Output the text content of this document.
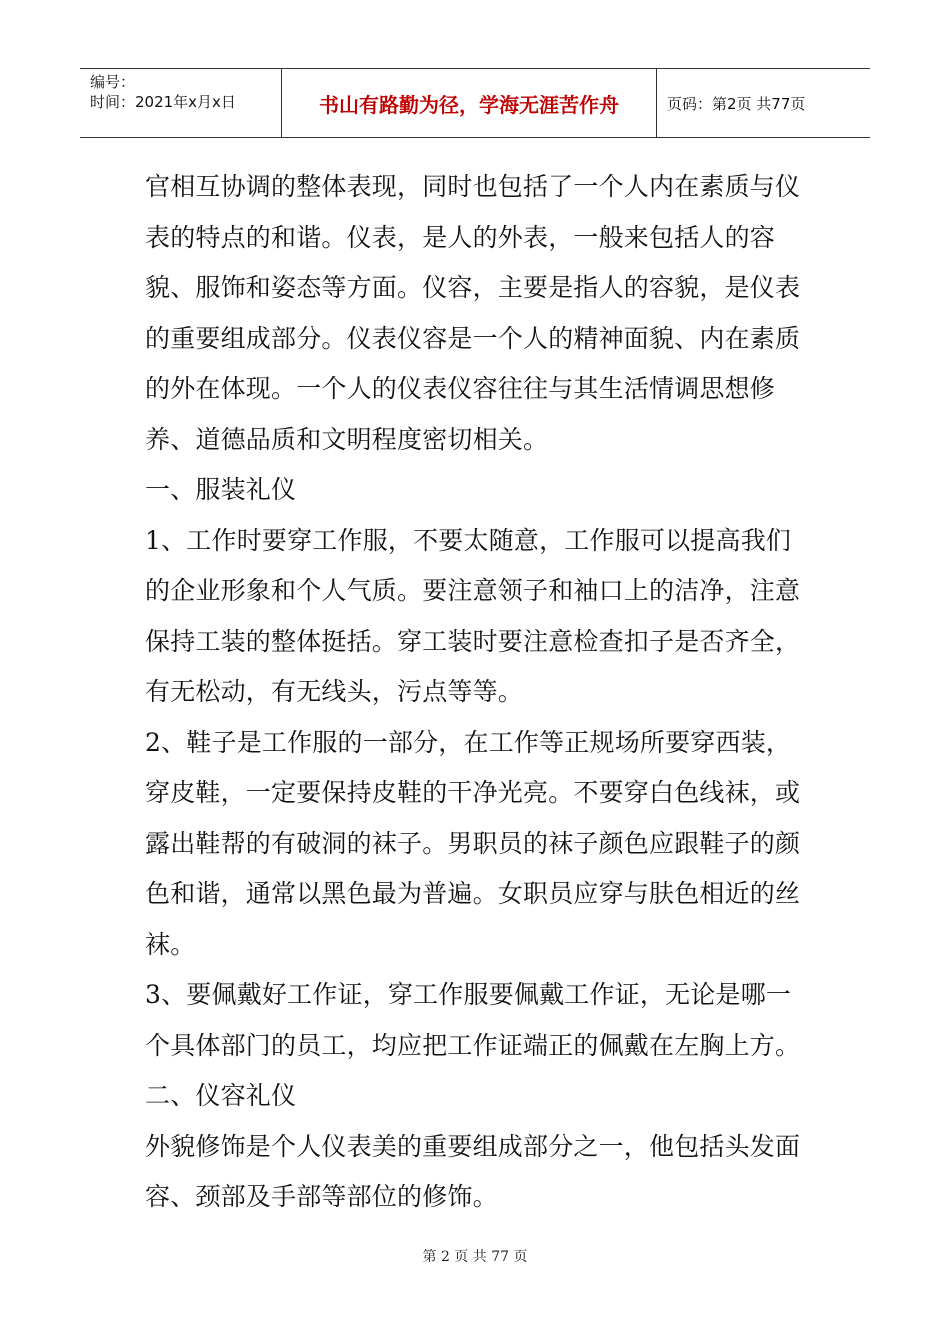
编号：
时间：2021年x月x日	书山有路勤为径，学海无涯苦作舟	页码：第2页 共77页

官相互协调的整体表现，同时也包括了一个人内在素质与仪表的特点的和谐。仪表，是人的外表，一般来包括人的容貌、服饰和姿态等方面。仪容，主要是指人的容貌，是仪表的重要组成部分。仪表仪容是一个人的精神面貌、内在素质的外在体现。一个人的仪表仪容往往与其生活情调思想修养、道德品质和文明程度密切相关。

一、服装礼仪

1、工作时要穿工作服，不要太随意，工作服可以提高我们的企业形象和个人气质。要注意领子和袖口上的洁净，注意保持工装的整体挺括。穿工装时要注意检查扣子是否齐全，有无松动，有无线头，污点等等。

2、鞋子是工作服的一部分，在工作等正规场所要穿西装，穿皮鞋，一定要保持皮鞋的干净光亮。不要穿白色线袜，或露出鞋帮的有破洞的袜子。男职员的袜子颜色应跟鞋子的颜色和谐，通常以黑色最为普遍。女职员应穿与肤色相近的丝袜。

3、要佩戴好工作证，穿工作服要佩戴工作证，无论是哪一个具体部门的员工，均应把工作证端正的佩戴在左胸上方。

二、仪容礼仪

外貌修饰是个人仪表美的重要组成部分之一，他包括头发面容、颈部及手部等部位的修饰。

第 2 页 共 77 页
